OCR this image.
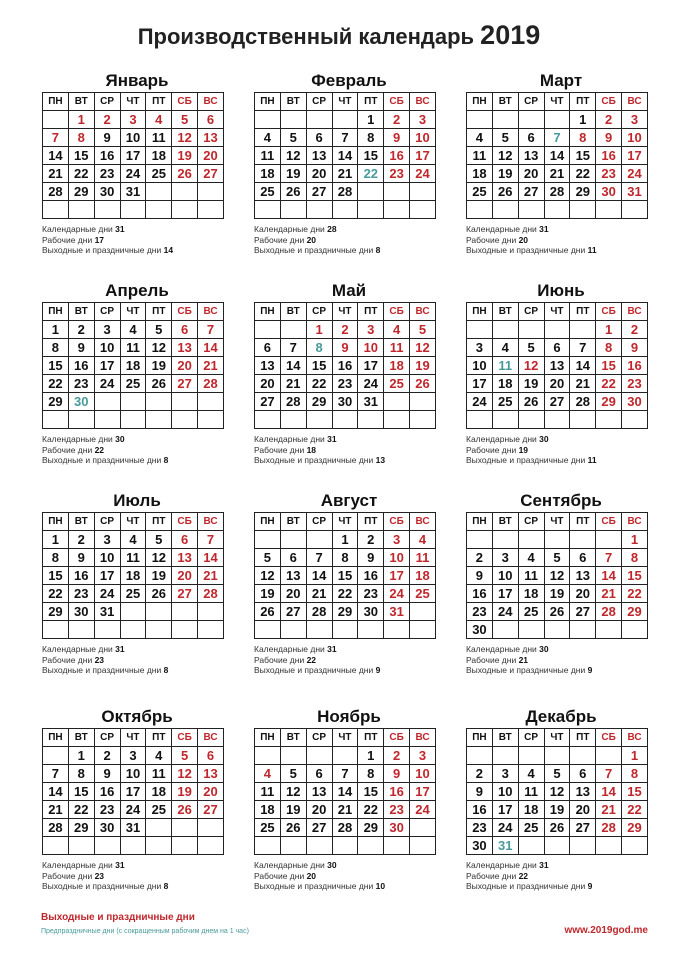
Производственный календарь 2019
Январь
ПН	ВТ	СР	ЧТ	ПТ	СБ	ВС
	1	2	3	4	5	6
7	8	9	10	11	12	13
14	15	16	17	18	19	20
21	22	23	24	25	26	27
28	29	30	31			

Календарные дни 31
Рабочие дни 17
Выходные и праздничные дни 14
Февраль
ПН	ВТ	СР	ЧТ	ПТ	СБ	ВС
				1	2	3
4	5	6	7	8	9	10
11	12	13	14	15	16	17
18	19	20	21	22	23	24
25	26	27	28			

Календарные дни 28
Рабочие дни 20
Выходные и праздничные дни 8
Март
ПН	ВТ	СР	ЧТ	ПТ	СБ	ВС
				1	2	3
4	5	6	7	8	9	10
11	12	13	14	15	16	17
18	19	20	21	22	23	24
25	26	27	28	29	30	31

Календарные дни 31
Рабочие дни 20
Выходные и праздничные дни 11
Апрель
ПН	ВТ	СР	ЧТ	ПТ	СБ	ВС
1	2	3	4	5	6	7
8	9	10	11	12	13	14
15	16	17	18	19	20	21
22	23	24	25	26	27	28
29	30					

Календарные дни 30
Рабочие дни 22
Выходные и праздничные дни 8
Май
ПН	ВТ	СР	ЧТ	ПТ	СБ	ВС
		1	2	3	4	5
6	7	8	9	10	11	12
13	14	15	16	17	18	19
20	21	22	23	24	25	26
27	28	29	30	31		

Календарные дни 31
Рабочие дни 18
Выходные и праздничные дни 13
Июнь
ПН	ВТ	СР	ЧТ	ПТ	СБ	ВС
					1	2
3	4	5	6	7	8	9
10	11	12	13	14	15	16
17	18	19	20	21	22	23
24	25	26	27	28	29	30

Календарные дни 30
Рабочие дни 19
Выходные и праздничные дни 11
Июль
ПН	ВТ	СР	ЧТ	ПТ	СБ	ВС
1	2	3	4	5	6	7
8	9	10	11	12	13	14
15	16	17	18	19	20	21
22	23	24	25	26	27	28
29	30	31				

Календарные дни 31
Рабочие дни 23
Выходные и праздничные дни 8
Август
ПН	ВТ	СР	ЧТ	ПТ	СБ	ВС
			1	2	3	4
5	6	7	8	9	10	11
12	13	14	15	16	17	18
19	20	21	22	23	24	25
26	27	28	29	30	31	

Календарные дни 31
Рабочие дни 22
Выходные и праздничные дни 9
Сентябрь
ПН	ВТ	СР	ЧТ	ПТ	СБ	ВС
						1
2	3	4	5	6	7	8
9	10	11	12	13	14	15
16	17	18	19	20	21	22
23	24	25	26	27	28	29
30						
Календарные дни 30
Рабочие дни 21
Выходные и праздничные дни 9
Октябрь
ПН	ВТ	СР	ЧТ	ПТ	СБ	ВС
	1	2	3	4	5	6
7	8	9	10	11	12	13
14	15	16	17	18	19	20
21	22	23	24	25	26	27
28	29	30	31			

Календарные дни 31
Рабочие дни 23
Выходные и праздничные дни 8
Ноябрь
ПН	ВТ	СР	ЧТ	ПТ	СБ	ВС
				1	2	3
4	5	6	7	8	9	10
11	12	13	14	15	16	17
18	19	20	21	22	23	24
25	26	27	28	29	30	

Календарные дни 30
Рабочие дни 20
Выходные и праздничные дни 10
Декабрь
ПН	ВТ	СР	ЧТ	ПТ	СБ	ВС
						1
2	3	4	5	6	7	8
9	10	11	12	13	14	15
16	17	18	19	20	21	22
23	24	25	26	27	28	29
30	31					
Календарные дни 31
Рабочие дни 22
Выходные и праздничные дни 9
Выходные и праздничные дни
Предпраздничные дни (с сокращенным рабочим днем на 1 час)	www.2019god.me
